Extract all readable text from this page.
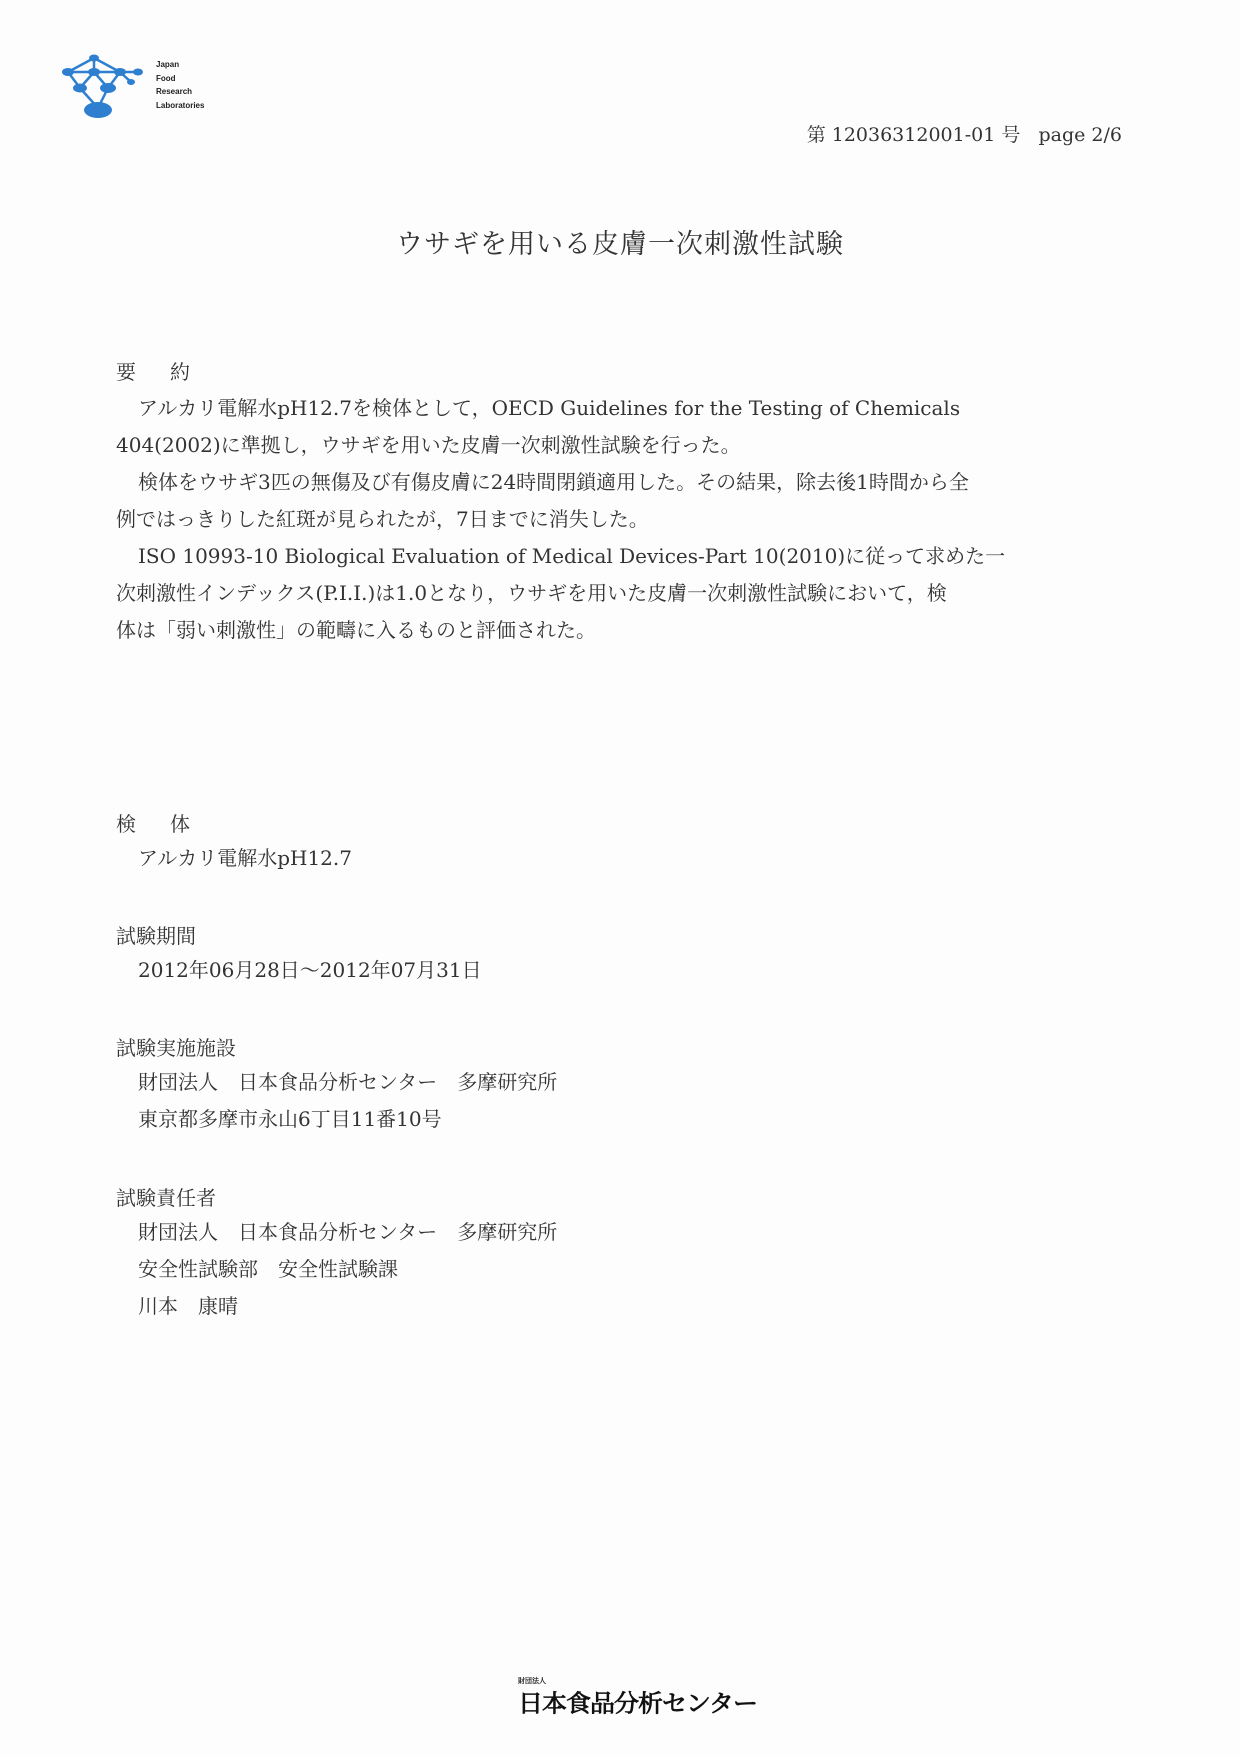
Japan
Food
Research
Laboratories
第 12036312001-01 号 page 2/6
ウサギを用いる皮膚一次刺激性試験
要約
アルカリ電解水pH12.7を検体として，OECD Guidelines for the Testing of Chemicals
404(2002)に準拠し，ウサギを用いた皮膚一次刺激性試験を行った。
検体をウサギ3匹の無傷及び有傷皮膚に24時間閉鎖適用した。その結果，除去後1時間から全
例ではっきりした紅斑が見られたが，7日までに消失した。
ISO 10993-10 Biological Evaluation of Medical Devices-Part 10(2010)に従って求めた一
次刺激性インデックス(P.I.I.)は1.0となり，ウサギを用いた皮膚一次刺激性試験において，検
体は「弱い刺激性」の範疇に入るものと評価された。
検体
アルカリ電解水pH12.7
試験期間
2012年06月28日～2012年07月31日
試験実施施設
財団法人　日本食品分析センター　多摩研究所
東京都多摩市永山6丁目11番10号
試験責任者
財団法人　日本食品分析センター　多摩研究所
安全性試験部　安全性試験課
川本　康晴
財団法人
日本食品分析センター
